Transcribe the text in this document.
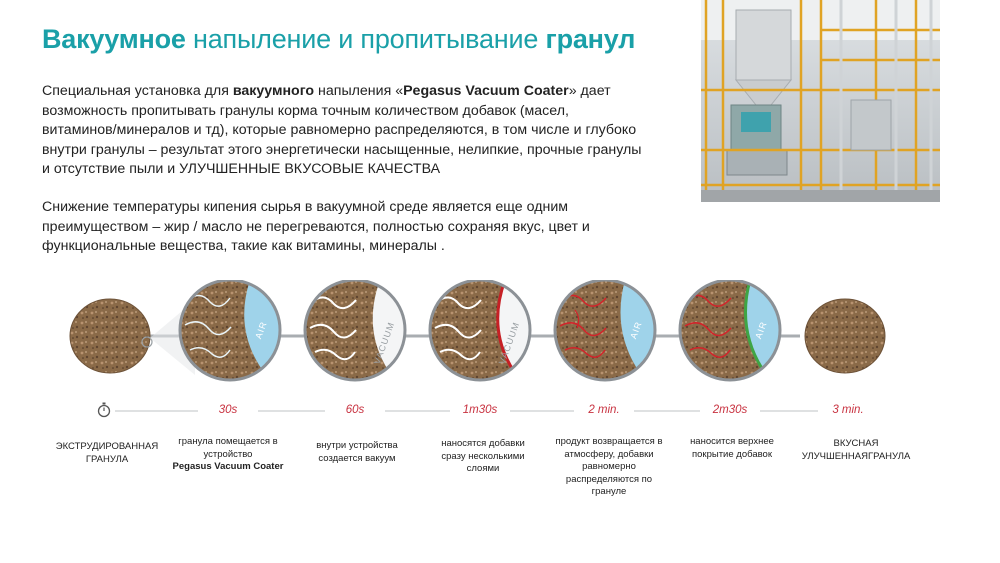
Вакуумное напыление и пропитывание гранул
Специальная установка для вакуумного напыления «Pegasus Vacuum Coater» дает возможность пропитывать гранулы корма точным количеством добавок (масел, витаминов/минералов и тд), которые равномерно распределяются, в том числе и глубоко внутри гранулы – результат этого энергетически насыщенные, нелипкие, прочные гранулы и отсутствие пыли и УЛУЧШЕННЫЕ ВКУСОВЫЕ КАЧЕСТВА
Снижение температуры кипения сырья в вакуумной среде является еще одним преимуществом – жир / масло не перегреваются, полностью сохраняя вкус, цвет и функциональные вещества, такие как витамины, минералы .
AIR	VACUUM	VACUUM	AIR	AIR
30s	60s	1m30s	2 min.	2m30s	3 min.
ЭКСТРУДИРОВАННАЯ
ГРАНУЛА
гранула помещается в
устройство
Pegasus Vacuum Coater
внутри устройства
создается вакуум
наносятся добавки
сразу несколькими
слоями
продукт возвращается в
атмосферу, добавки
равномерно
распределяются по
грануле
наносится верхнее
покрытие добавок
ВКУСНАЯ
УЛУЧШЕННАЯГРАНУЛА
